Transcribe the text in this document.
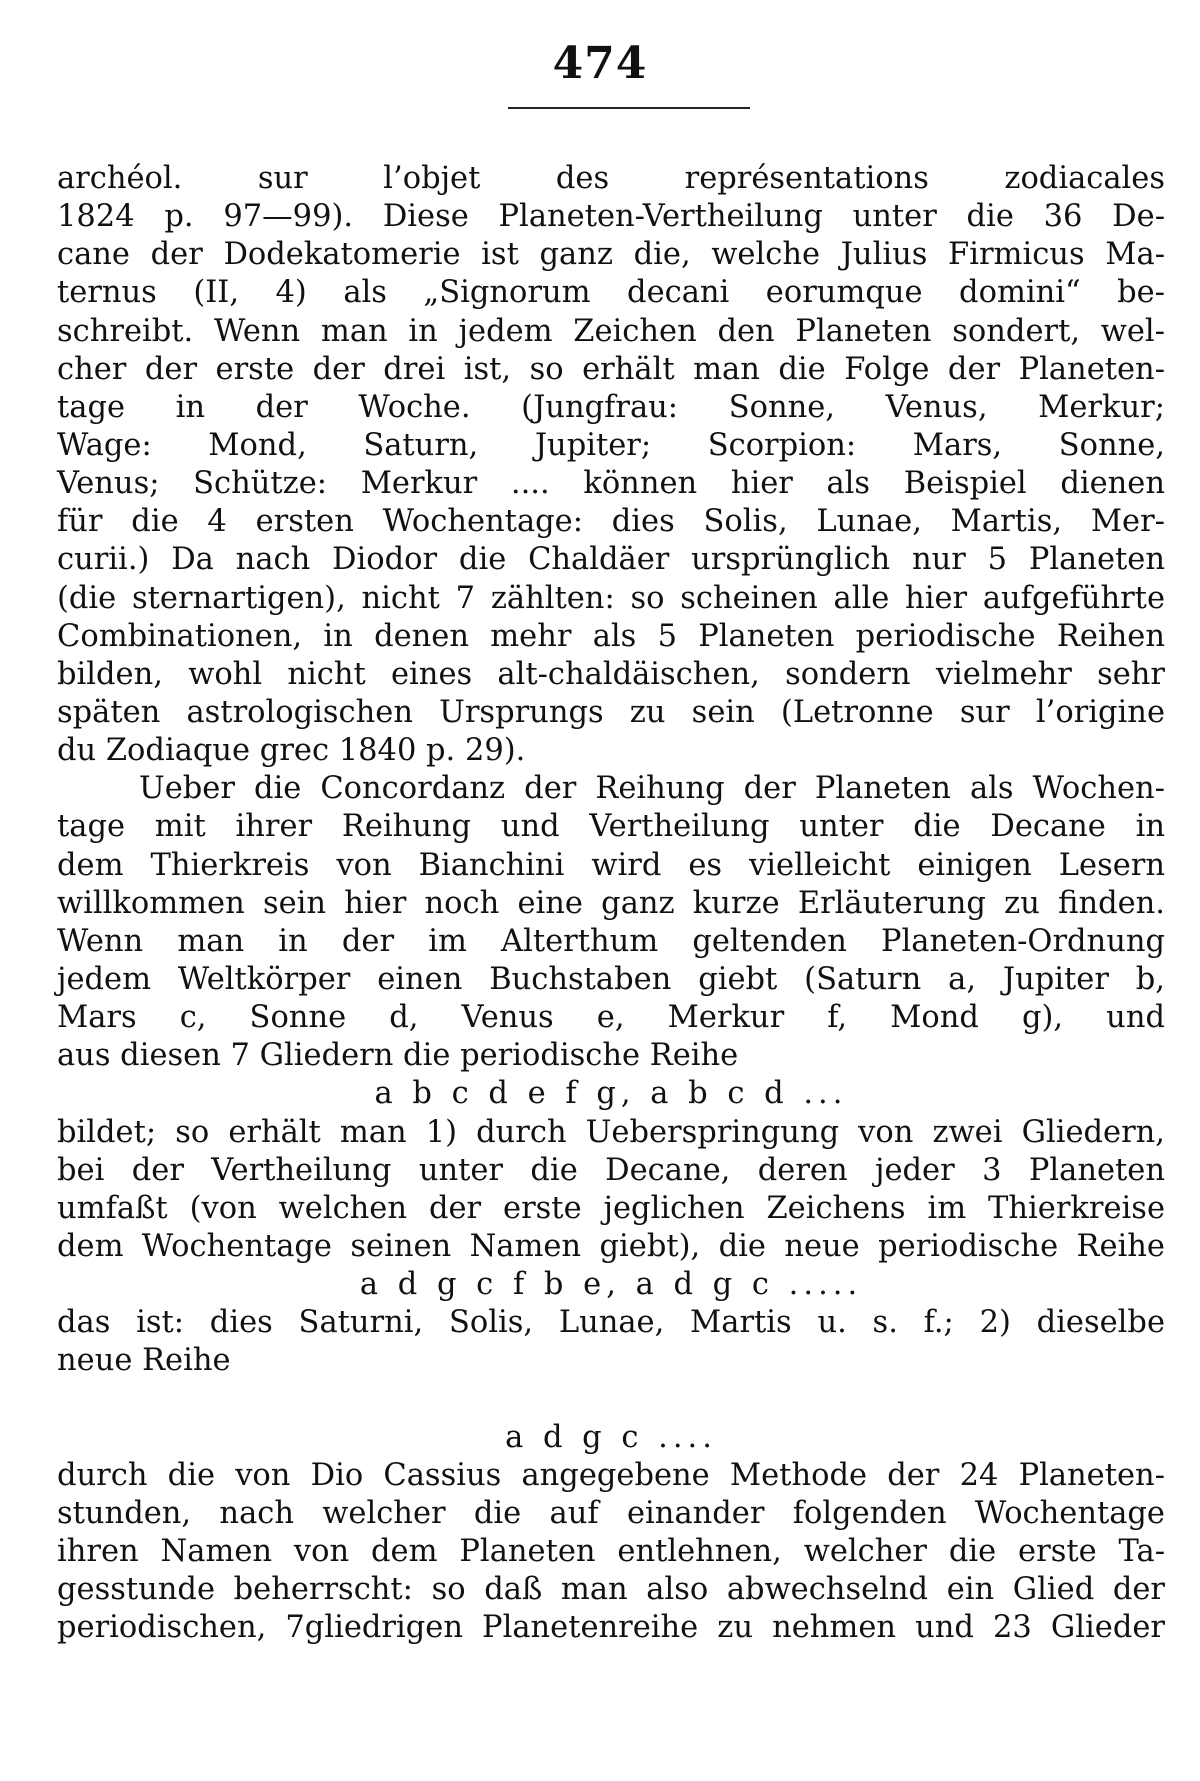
474
archéol. sur l’objet des représentations zodiacales
1824 p. 97—99). Diese Planeten-Vertheilung unter die 36 De-
cane der Dodekatomerie ist ganz die, welche Julius Firmicus Ma-
ternus (II, 4) als „Signorum decani eorumque domini“ be-
schreibt. Wenn man in jedem Zeichen den Planeten sondert, wel-
cher der erste der drei ist, so erhält man die Folge der Planeten-
tage in der Woche. (Jungfrau: Sonne, Venus, Merkur;
Wage: Mond, Saturn, Jupiter; Scorpion: Mars, Sonne,
Venus; Schütze: Merkur .... können hier als Beispiel dienen
für die 4 ersten Wochentage: dies Solis, Lunae, Martis, Mer-
curii.) Da nach Diodor die Chaldäer ursprünglich nur 5 Planeten
(die sternartigen), nicht 7 zählten: so scheinen alle hier aufgeführte
Combinationen, in denen mehr als 5 Planeten periodische Reihen
bilden, wohl nicht eines alt-chaldäischen, sondern vielmehr sehr
späten astrologischen Ursprungs zu sein (Letronne sur l’origine
du Zodiaque grec 1840 p. 29).
Ueber die Concordanz der Reihung der Planeten als Wochen-
tage mit ihrer Reihung und Vertheilung unter die Decane in
dem Thierkreis von Bianchini wird es vielleicht einigen Lesern
willkommen sein hier noch eine ganz kurze Erläuterung zu finden.
Wenn man in der im Alterthum geltenden Planeten-Ordnung
jedem Weltkörper einen Buchstaben giebt (Saturn a, Jupiter b,
Mars c, Sonne d, Venus e, Merkur f, Mond g), und
aus diesen 7 Gliedern die periodische Reihe
a b c d e f g, a b c d ...
bildet; so erhält man 1) durch Ueberspringung von zwei Gliedern,
bei der Vertheilung unter die Decane, deren jeder 3 Planeten
umfaßt (von welchen der erste jeglichen Zeichens im Thierkreise
dem Wochentage seinen Namen giebt), die neue periodische Reihe
a d g c f b e, a d g c .....
das ist: dies Saturni, Solis, Lunae, Martis u. s. f.; 2) dieselbe
neue Reihe
a d g c ....
durch die von Dio Cassius angegebene Methode der 24 Planeten-
stunden, nach welcher die auf einander folgenden Wochentage
ihren Namen von dem Planeten entlehnen, welcher die erste Ta-
gesstunde beherrscht: so daß man also abwechselnd ein Glied der
periodischen, 7gliedrigen Planetenreihe zu nehmen und 23 Glieder
